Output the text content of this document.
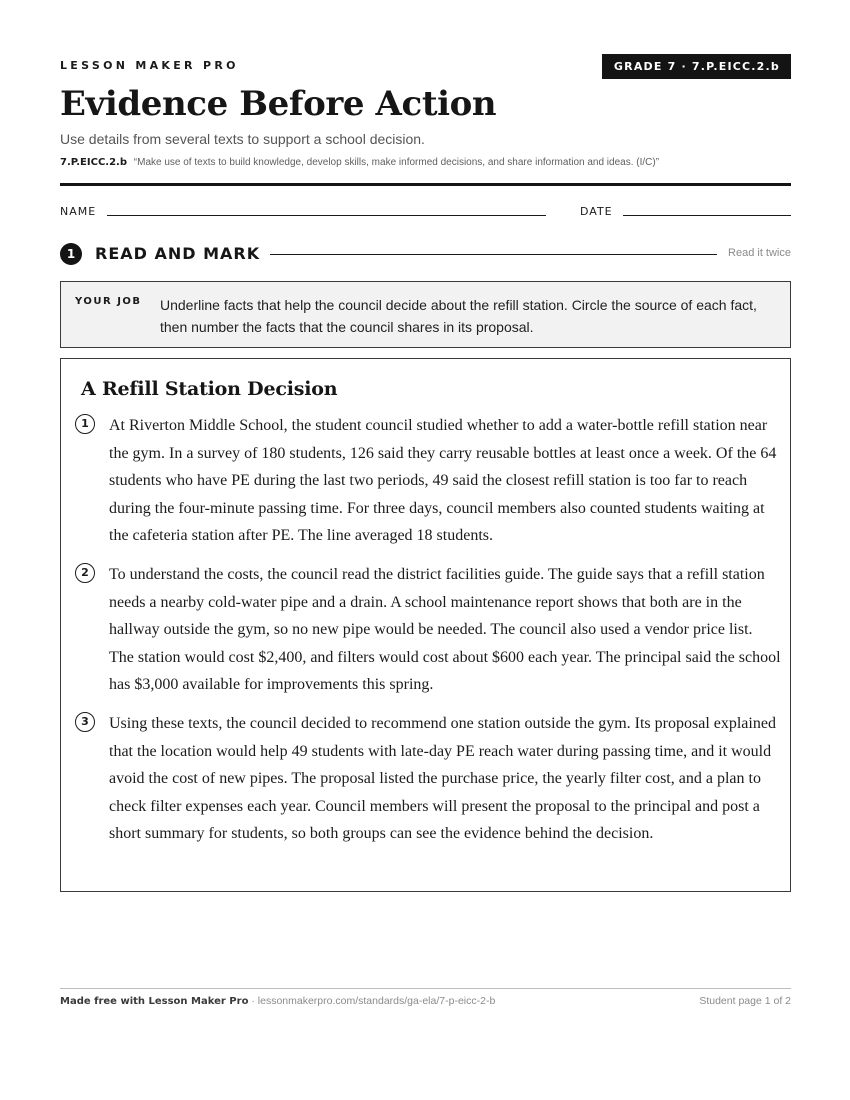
LESSON MAKER PRO	GRADE 7 · 7.P.EICC.2.b
Evidence Before Action
Use details from several texts to support a school decision.
7.P.EICC.2.b “Make use of texts to build knowledge, develop skills, make informed decisions, and share information and ideas. (I/C)”
NAME	DATE
1	READ AND MARK	Read it twice
YOUR JOB Underline facts that help the council decide about the refill station. Circle the source of each fact, then number the facts that the council shares in its proposal.
A Refill Station Decision
1	At Riverton Middle School, the student council studied whether to add a water-bottle refill station near the gym. In a survey of 180 students, 126 said they carry reusable bottles at least once a week. Of the 64 students who have PE during the last two periods, 49 said the closest refill station is too far to reach during the four-minute passing time. For three days, council members also counted students waiting at the cafeteria station after PE. The line averaged 18 students.
2	To understand the costs, the council read the district facilities guide. The guide says that a refill station needs a nearby cold-water pipe and a drain. A school maintenance report shows that both are in the hallway outside the gym, so no new pipe would be needed. The council also used a vendor price list. The station would cost $2,400, and filters would cost about $600 each year. The principal said the school has $3,000 available for improvements this spring.
3	Using these texts, the council decided to recommend one station outside the gym. Its proposal explained that the location would help 49 students with late-day PE reach water during passing time, and it would avoid the cost of new pipes. The proposal listed the purchase price, the yearly filter cost, and a plan to check filter expenses each year. Council members will present the proposal to the principal and post a short summary for students, so both groups can see the evidence behind the decision.
Made free with Lesson Maker Pro · lessonmakerpro.com/standards/ga-ela/7-p-eicc-2-b	Student page 1 of 2
